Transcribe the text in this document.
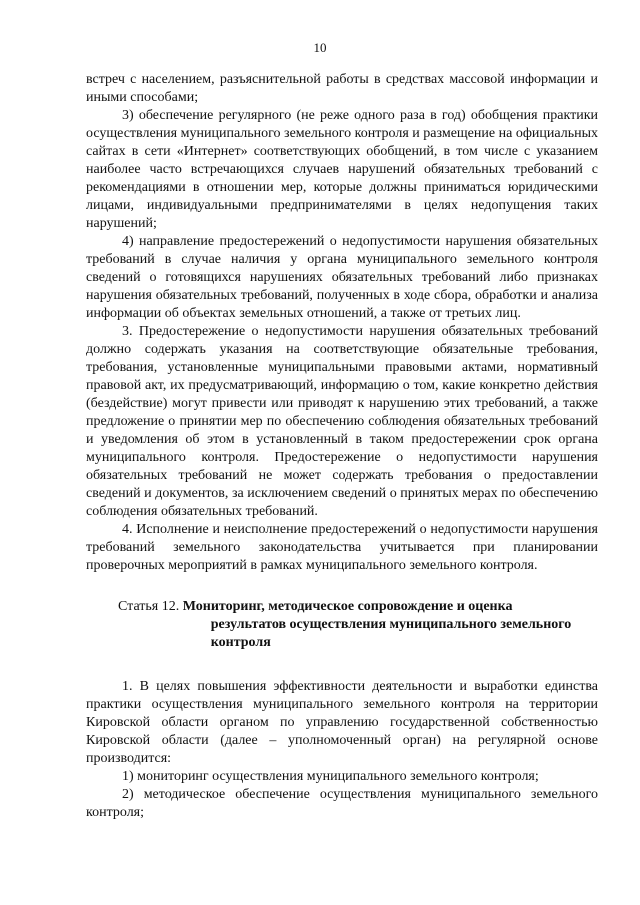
10

встреч с населением, разъяснительной работы в средствах массовой информации и иными способами;

3) обеспечение регулярного (не реже одного раза в год) обобщения практики осуществления муниципального земельного контроля и размещение на официальных сайтах в сети «Интернет» соответствующих обобщений, в том числе с указанием наиболее часто встречающихся случаев нарушений обязательных требований с рекомендациями в отношении мер, которые должны приниматься юридическими лицами, индивидуальными предпринимателями в целях недопущения таких нарушений;

4) направление предостережений о недопустимости нарушения обязательных требований в случае наличия у органа муниципального земельного контроля сведений о готовящихся нарушениях обязательных требований либо признаках нарушения обязательных требований, полученных в ходе сбора, обработки и анализа информации об объектах земельных отношений, а также от третьих лиц.

3. Предостережение о недопустимости нарушения обязательных требований должно содержать указания на соответствующие обязательные требования, требования, установленные муниципальными правовыми актами, нормативный правовой акт, их предусматривающий, информацию о том, какие конкретно действия (бездействие) могут привести или приводят к нарушению этих требований, а также предложение о принятии мер по обеспечению соблюдения обязательных требований и уведомления об этом в установленный в таком предостережении срок органа муниципального контроля. Предостережение о недопустимости нарушения обязательных требований не может содержать требования о предоставлении сведений и документов, за исключением сведений о принятых мерах по обеспечению соблюдения обязательных требований.

4. Исполнение и неисполнение предостережений о недопустимости нарушения требований земельного законодательства учитывается при планировании проверочных мероприятий в рамках муниципального земельного контроля.

Статья 12. Мониторинг, методическое сопровождение и оценка
результатов осуществления муниципального земельного контроля

1. В целях повышения эффективности деятельности и выработки единства практики осуществления муниципального земельного контроля на территории Кировской области органом по управлению государственной собственностью Кировской области (далее – уполномоченный орган) на регулярной основе производится:

1) мониторинг осуществления муниципального земельного контроля;

2) методическое обеспечение осуществления муниципального земельного контроля;
